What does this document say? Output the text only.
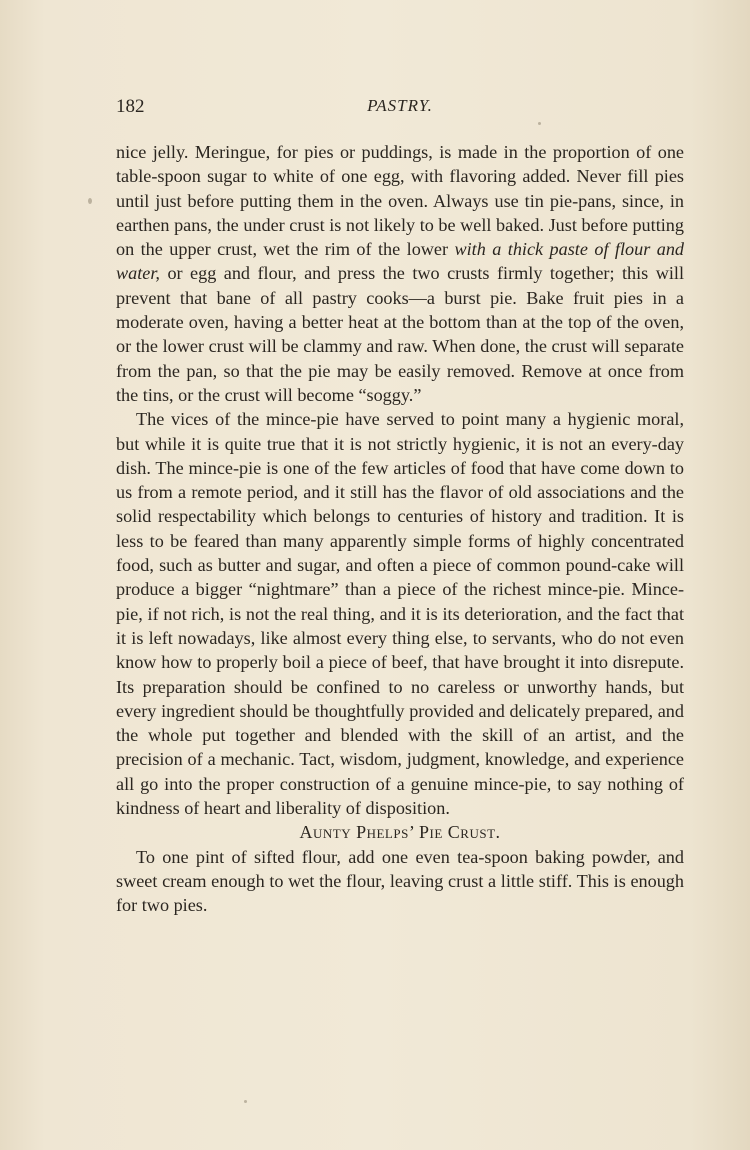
182	PASTRY.

nice jelly. Meringue, for pies or puddings, is made in the proportion of one table-spoon sugar to white of one egg, with flavoring added. Never fill pies until just before putting them in the oven. Always use tin pie-pans, since, in earthen pans, the under crust is not likely to be well baked. Just before putting on the upper crust, wet the rim of the lower with a thick paste of flour and water, or egg and flour, and press the two crusts firmly together; this will prevent that bane of all pastry cooks—a burst pie. Bake fruit pies in a moderate oven, having a better heat at the bottom than at the top of the oven, or the lower crust will be clammy and raw. When done, the crust will separate from the pan, so that the pie may be easily removed. Remove at once from the tins, or the crust will become “soggy.”

The vices of the mince-pie have served to point many a hygienic moral, but while it is quite true that it is not strictly hygienic, it is not an every-day dish. The mince-pie is one of the few articles of food that have come down to us from a remote period, and it still has the flavor of old associations and the solid respectability which belongs to centuries of history and tradition. It is less to be feared than many apparently simple forms of highly concentrated food, such as butter and sugar, and often a piece of common pound-cake will produce a bigger “nightmare” than a piece of the richest mince-pie. Mince-pie, if not rich, is not the real thing, and it is its deterioration, and the fact that it is left nowadays, like almost every thing else, to servants, who do not even know how to properly boil a piece of beef, that have brought it into disrepute. Its preparation should be confined to no careless or unworthy hands, but every ingredient should be thoughtfully provided and delicately prepared, and the whole put together and blended with the skill of an artist, and the precision of a mechanic. Tact, wisdom, judgment, knowledge, and experience all go into the proper construction of a genuine mince-pie, to say nothing of kindness of heart and liberality of disposition.

Aunty Phelps’ Pie Crust.

To one pint of sifted flour, add one even tea-spoon baking powder, and sweet cream enough to wet the flour, leaving crust a little stiff. This is enough for two pies.
